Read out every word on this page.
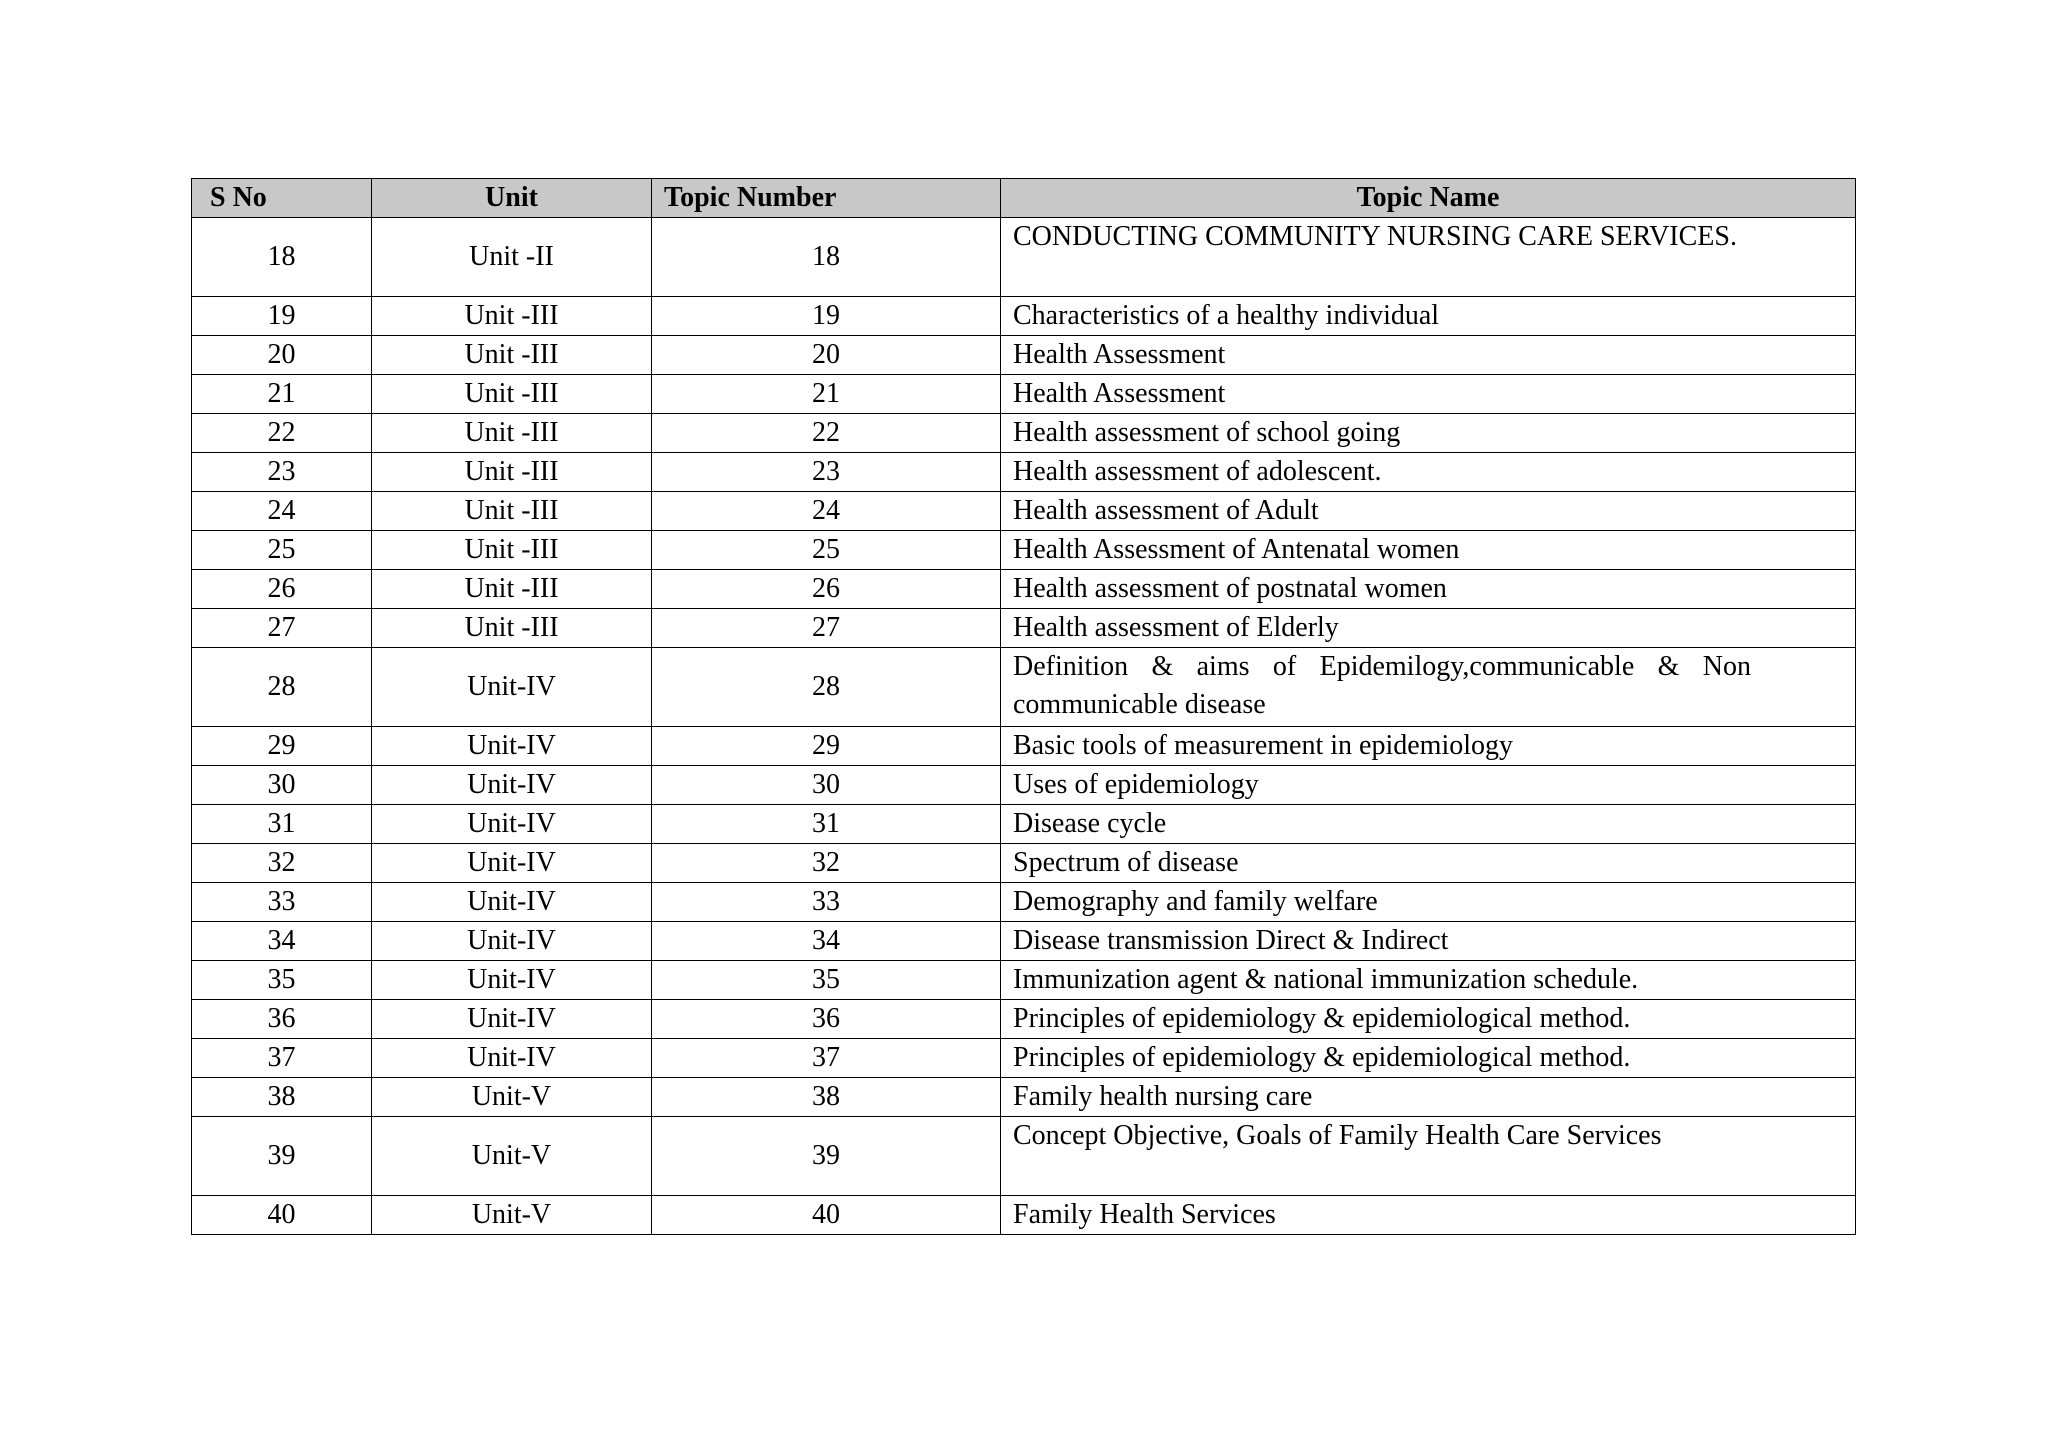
S No	Unit	Topic Number	Topic Name
18	Unit -II	18	CONDUCTING COMMUNITY NURSING CARE SERVICES.
19	Unit -III	19	Characteristics of a healthy individual
20	Unit -III	20	Health Assessment
21	Unit -III	21	Health Assessment
22	Unit -III	22	Health assessment of school going
23	Unit -III	23	Health assessment of adolescent.
24	Unit -III	24	Health assessment of Adult
25	Unit -III	25	Health Assessment of Antenatal women
26	Unit -III	26	Health assessment of postnatal women
27	Unit -III	27	Health assessment of Elderly
28	Unit-IV	28	Definition & aims of Epidemilogy,communicable & Non communicable disease
29	Unit-IV	29	Basic tools of measurement in epidemiology
30	Unit-IV	30	Uses of epidemiology
31	Unit-IV	31	Disease cycle
32	Unit-IV	32	Spectrum of disease
33	Unit-IV	33	Demography and family welfare
34	Unit-IV	34	Disease transmission Direct & Indirect
35	Unit-IV	35	Immunization agent & national immunization schedule.
36	Unit-IV	36	Principles of epidemiology & epidemiological method.
37	Unit-IV	37	Principles of epidemiology & epidemiological method.
38	Unit-V	38	Family health nursing care
39	Unit-V	39	Concept Objective, Goals of Family Health Care Services
40	Unit-V	40	Family Health Services
